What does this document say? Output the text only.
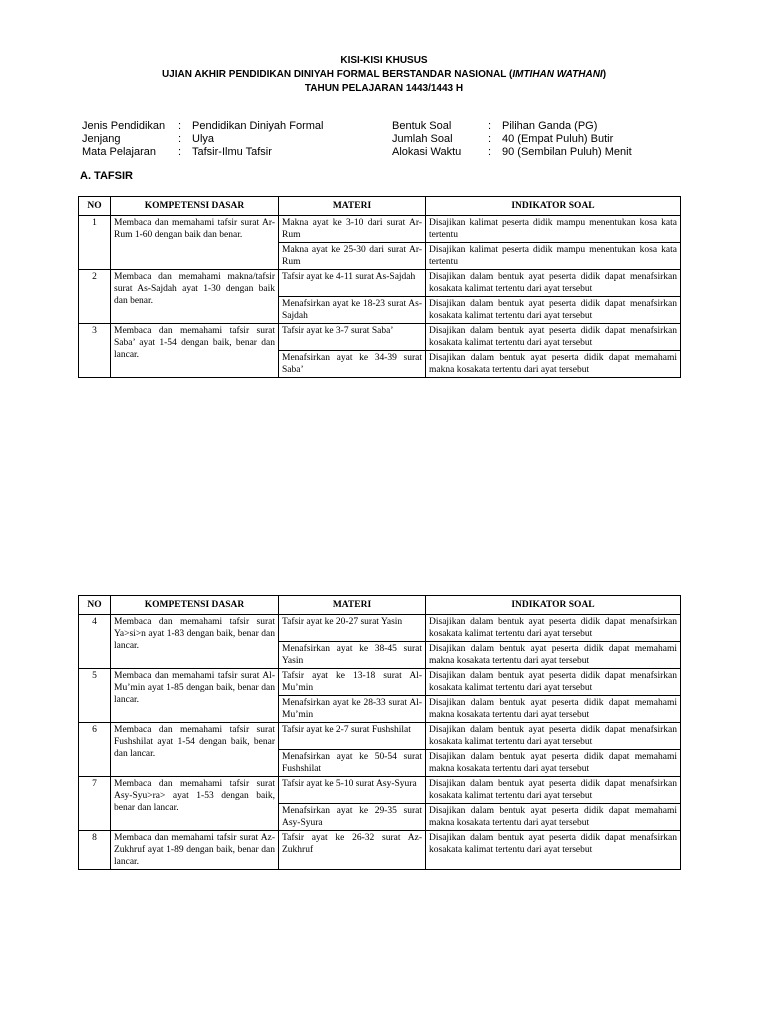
KISI-KISI KHUSUS
UJIAN AKHIR PENDIDIKAN DINIYAH FORMAL BERSTANDAR NASIONAL (IMTIHAN WATHANI)
TAHUN PELAJARAN 1443/1443 H
Jenis Pendidikan	: Pendidikan Diniyah Formal
Jenjang	: Ulya
Mata Pelajaran	: Tafsir-Ilmu Tafsir
Bentuk Soal	: Pilihan Ganda (PG)
Jumlah Soal	: 40 (Empat Puluh) Butir
Alokasi Waktu	: 90 (Sembilan Puluh) Menit
A. TAFSIR
NO	KOMPETENSI DASAR	MATERI	INDIKATOR SOAL
1	Membaca dan memahami tafsir surat Ar-Rum 1-60 dengan baik dan benar.	Makna ayat ke 3-10 dari surat Ar-Rum	Disajikan kalimat peserta didik mampu menentukan kosa kata tertentu
		Makna ayat ke 25-30 dari surat Ar-Rum	Disajikan kalimat peserta didik mampu menentukan kosa kata tertentu
2	Membaca dan memahami makna/tafsir surat As-Sajdah ayat 1-30 dengan baik dan benar.	Tafsir ayat ke 4-11 surat As-Sajdah	Disajikan dalam bentuk ayat peserta didik dapat menafsirkan kosakata kalimat tertentu dari ayat tersebut
		Menafsirkan ayat ke 18-23 surat As-Sajdah	Disajikan dalam bentuk ayat peserta didik dapat menafsirkan kosakata kalimat tertentu dari ayat tersebut
3	Membaca dan memahami tafsir surat Saba’ ayat 1-54 dengan baik, benar dan lancar.	Tafsir ayat ke 3-7 surat Saba’	Disajikan dalam bentuk ayat peserta didik dapat menafsirkan kosakata kalimat tertentu dari ayat tersebut
		Menafsirkan ayat ke 34-39 surat Saba’	Disajikan dalam bentuk ayat peserta didik dapat memahami makna kosakata tertentu dari ayat tersebut
NO	KOMPETENSI DASAR	MATERI	INDIKATOR SOAL
4	Membaca dan memahami tafsir surat Ya>si>n ayat 1-83 dengan baik, benar dan lancar.	Tafsir ayat ke 20-27 surat Yasin	Disajikan dalam bentuk ayat peserta didik dapat menafsirkan kosakata kalimat tertentu dari ayat tersebut
		Menafsirkan ayat ke 38-45 surat Yasin	Disajikan dalam bentuk ayat peserta didik dapat memahami makna kosakata tertentu dari ayat tersebut
5	Membaca dan memahami tafsir surat Al-Mu’min ayat 1-85 dengan baik, benar dan lancar.	Tafsir ayat ke 13-18 surat Al-Mu’min	Disajikan dalam bentuk ayat peserta didik dapat menafsirkan kosakata kalimat tertentu dari ayat tersebut
		Menafsirkan ayat ke 28-33 surat Al-Mu’min	Disajikan dalam bentuk ayat peserta didik dapat memahami makna kosakata tertentu dari ayat tersebut
6	Membaca dan memahami tafsir surat Fushshilat ayat 1-54 dengan baik, benar dan lancar.	Tafsir ayat ke 2-7 surat Fushshilat	Disajikan dalam bentuk ayat peserta didik dapat menafsirkan kosakata kalimat tertentu dari ayat tersebut
		Menafsirkan ayat ke 50-54 surat Fushshilat	Disajikan dalam bentuk ayat peserta didik dapat memahami makna kosakata tertentu dari ayat tersebut
7	Membaca dan memahami tafsir surat Asy-Syu>ra> ayat 1-53 dengan baik, benar dan lancar.	Tafsir ayat ke 5-10 surat Asy-Syura	Disajikan dalam bentuk ayat peserta didik dapat menafsirkan kosakata kalimat tertentu dari ayat tersebut
		Menafsirkan ayat ke 29-35 surat Asy-Syura	Disajikan dalam bentuk ayat peserta didik dapat memahami makna kosakata tertentu dari ayat tersebut
8	Membaca dan memahami tafsir surat Az-Zukhruf ayat 1-89 dengan baik, benar dan lancar.	Tafsir ayat ke 26-32 surat Az-Zukhruf	Disajikan dalam bentuk ayat peserta didik dapat menafsirkan kosakata kalimat tertentu dari ayat tersebut
